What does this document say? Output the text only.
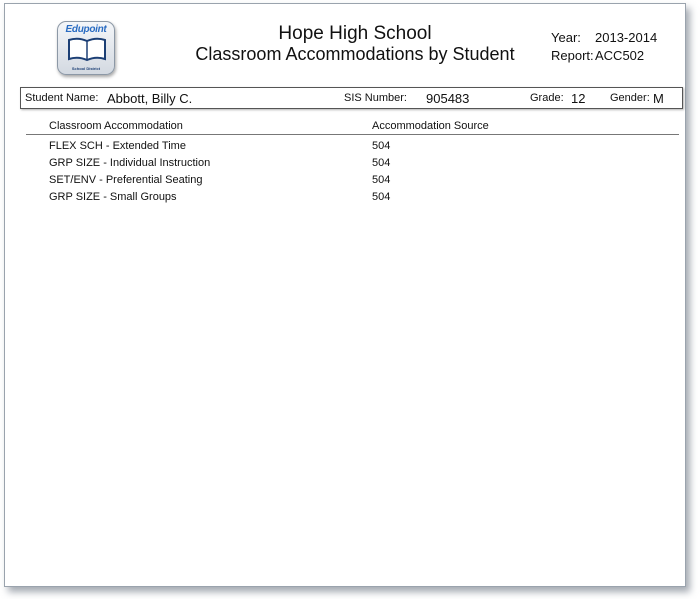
Edupoint
School District
Hope High School
Classroom Accommodations by Student
Year: 2013-2014
Report: ACC502
Student Name: Abbott, Billy C.	SIS Number: 905483	Grade: 12 Gender: M
Classroom Accommodation	Accommodation Source
FLEX SCH - Extended Time	504
GRP SIZE - Individual Instruction	504
SET/ENV - Preferential Seating	504
GRP SIZE - Small Groups	504
